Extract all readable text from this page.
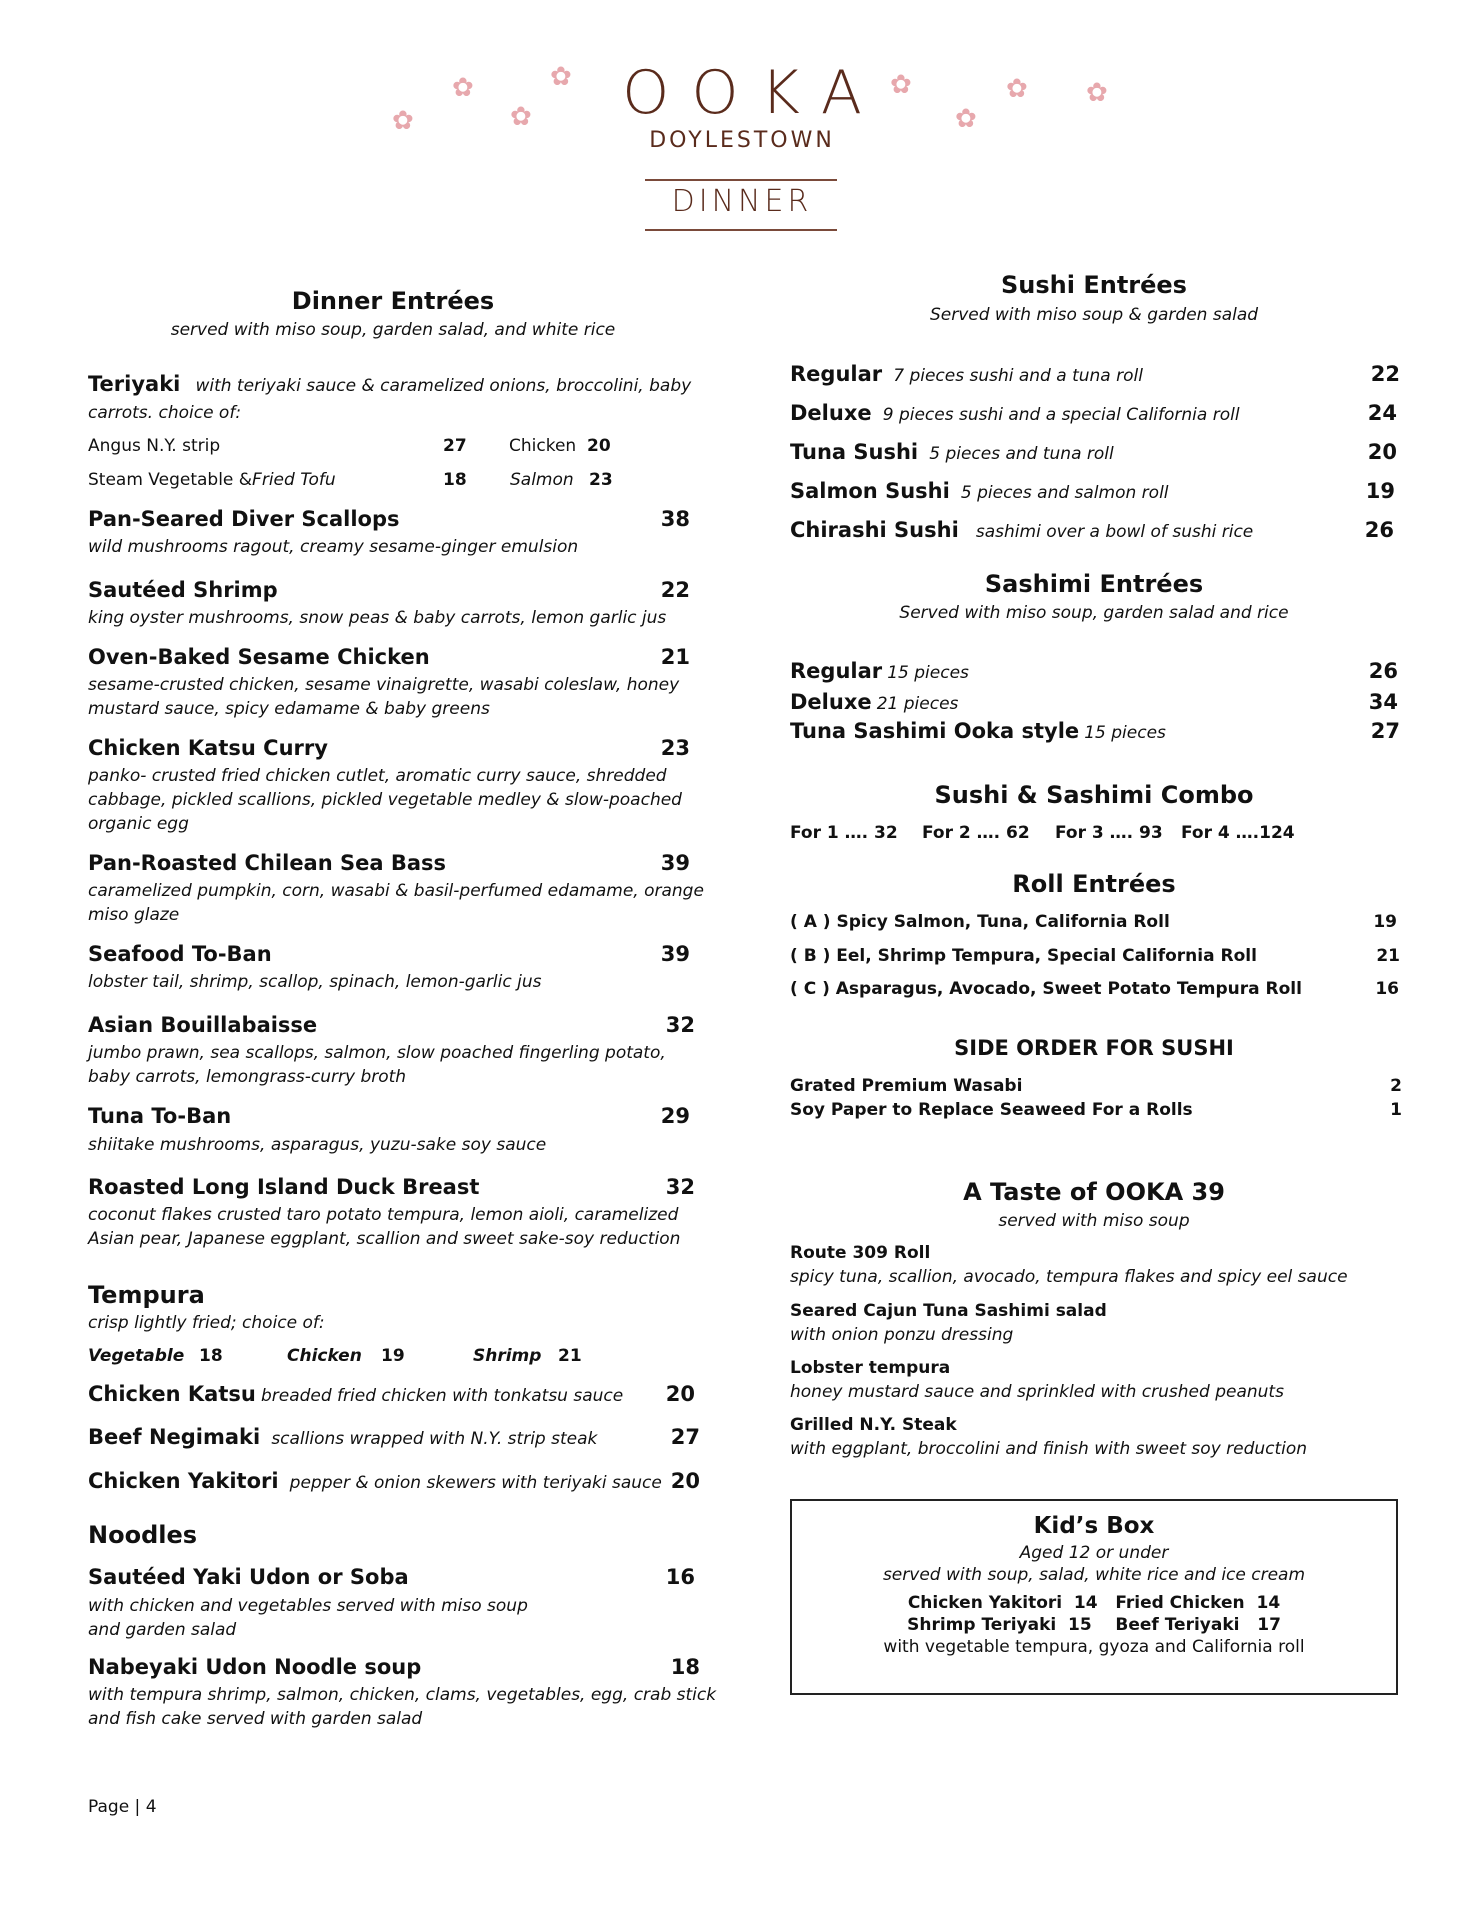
✿
✿
✿
✿	✿
✿
✿ ✿
OOKA
DOYLESTOWN
DINNER
Dinner Entrées
served with miso soup, garden salad, and white rice
Teriyaki with teriyaki sauce & caramelized onions, broccolini, baby
carrots. choice of:
Angus N.Y. strip	27 Chicken 20
Steam Vegetable &Fried Tofu	18	Salmon 23
Pan-Seared Diver Scallops	38
wild mushrooms ragout, creamy sesame-ginger emulsion
Sautéed Shrimp	22
king oyster mushrooms, snow peas & baby carrots, lemon garlic jus
Oven-Baked Sesame Chicken	21
sesame-crusted chicken, sesame vinaigrette, wasabi coleslaw, honey
mustard sauce, spicy edamame & baby greens
Chicken Katsu Curry	23
panko- crusted fried chicken cutlet, aromatic curry sauce, shredded
cabbage, pickled scallions, pickled vegetable medley & slow-poached
organic egg
Pan-Roasted Chilean Sea Bass	39
caramelized pumpkin, corn, wasabi & basil-perfumed edamame, orange
miso glaze
Seafood To-Ban	39
lobster tail, shrimp, scallop, spinach, lemon-garlic jus
Asian Bouillabaisse	32
jumbo prawn, sea scallops, salmon, slow poached fingerling potato,
baby carrots, lemongrass-curry broth
Tuna To-Ban	29
shiitake mushrooms, asparagus, yuzu-sake soy sauce
Roasted Long Island Duck Breast	32
coconut flakes crusted taro potato tempura, lemon aioli, caramelized
Asian pear, Japanese eggplant, scallion and sweet sake-soy reduction
Tempura
crisp lightly fried; choice of:
Vegetable 18	Chicken 19	Shrimp 21
Chicken Katsu breaded fried chicken with tonkatsu sauce	20
Beef Negimaki scallions wrapped with N.Y. strip steak	27
Chicken Yakitori pepper & onion skewers with teriyaki sauce 20
Noodles
Sautéed Yaki Udon or Soba	16
with chicken and vegetables served with miso soup
and garden salad
Nabeyaki Udon Noodle soup	18
with tempura shrimp, salmon, chicken, clams, vegetables, egg, crab stick
and fish cake served with garden salad
Page | 4
Sushi Entrées
Served with miso soup & garden salad
Regular 7 pieces sushi and a tuna roll	22
Deluxe 9 pieces sushi and a special California roll	24
Tuna Sushi 5 pieces and tuna roll	20
Salmon Sushi 5 pieces and salmon roll	19
Chirashi Sushi sashimi over a bowl of sushi rice	26
Sashimi Entrées
Served with miso soup, garden salad and rice
Regular 15 pieces	26
Deluxe 21 pieces	34
Tuna Sashimi Ooka style 15 pieces	27
Sushi & Sashimi Combo
For 1 …. 32 For 2 …. 62 For 3 …. 93 For 4 ….124
Roll Entrées
( A ) Spicy Salmon, Tuna, California Roll	19
( B ) Eel, Shrimp Tempura, Special California Roll	21
( C ) Asparagus, Avocado, Sweet Potato Tempura Roll	16
SIDE ORDER FOR SUSHI
Grated Premium Wasabi	2
Soy Paper to Replace Seaweed For a Rolls	1
A Taste of OOKA 39
served with miso soup
Route 309 Roll
spicy tuna, scallion, avocado, tempura flakes and spicy eel sauce
Seared Cajun Tuna Sashimi salad
with onion ponzu dressing
Lobster tempura
honey mustard sauce and sprinkled with crushed peanuts
Grilled N.Y. Steak
with eggplant, broccolini and finish with sweet soy reduction
Kid’s Box
Aged 12 or under
served with soup, salad, white rice and ice cream
Chicken Yakitori  14   Fried Chicken  14
Shrimp Teriyaki  15    Beef Teriyaki   17
with vegetable tempura, gyoza and California roll
